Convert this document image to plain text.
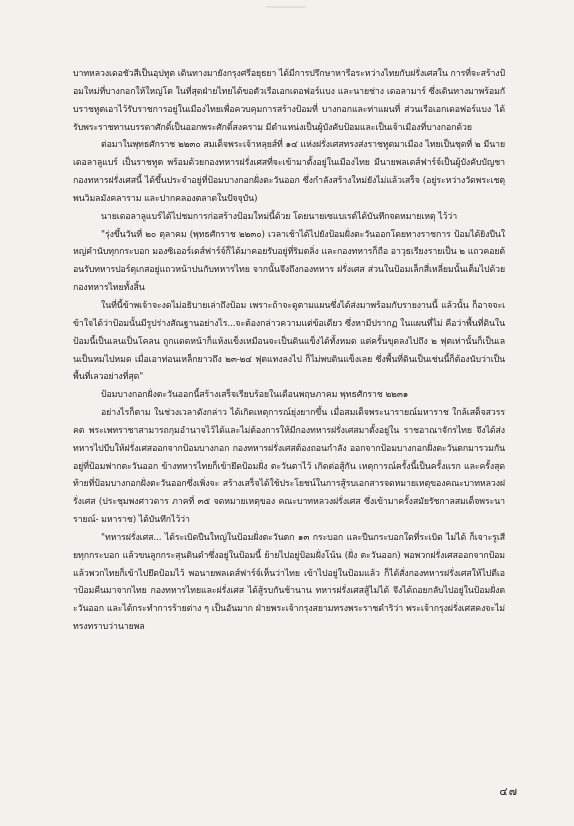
บาทหลวงเดอชัวสีเป็นอุปทูต เดินทางมายังกรุงศรีอยุธยา ได้มีการปรึกษาหารือระหว่างไทยกับฝรั่งเศสใน การที่จะสร้างป้อมใหม่ที่บางกอกให้ใหญ่โต ในที่สุดฝ่ายไทยได้ขอตัวเรือเอกเดอฟอร์แบง และนายช่าง เดอลามาร์ ซึ่งเดินทางมาพร้อมกับราชทูตเอาไว้รับราชการอยู่ในเมืองไทยเพื่อควบคุมการสร้างป้อมที่ บางกอกและท่าแผนที่ ส่วนเรือเอกเดอฟอร์แบง ได้รับพระราชทานบรรดาศักดิ์เป็นออกพระศักดิ์สงคราม มีตำแหน่งเป็นผู้บังคับป้อมและเป็นเจ้าเมืองที่บางกอกด้วย

ต่อมาในพุทธศักราช ๒๒๓๐ สมเด็จพระเจ้าหลุยส์ที่ ๑๔ แห่งฝรั่งเศสทรงส่งราชทูตมาเมือง ไทยเป็นชุดที่ ๒ มีนายเดอลาลูแบร์ เป็นราชทูต พร้อมด้วยกองทหารฝรั่งเศสที่จะเข้ามาตั้งอยู่ในเมืองไทย มีนายพลเดส์ฟาร์จ์เป็นผู้บังคับบัญชา กองทหารฝรั่งเศสนี้ ได้ขึ้นประจำอยู่ที่ป้อมบางกอกฝั่งตะวันออก ซึ่งกำลังสร้างใหม่ยังไม่แล้วเสร็จ (อยู่ระหว่างวัดพระเชตุพนวิมลมังคลาราม และปากคลองตลาดในปัจจุบัน)

นายเดอลาลูแบร์ได้ไปชมการก่อสร้างป้อมใหม่นี้ด้วย โดยนายเซแบเรต์ได้บันทึกจดหมายเหตุ ไว้ว่า

"รุ่งขึ้นวันที่ ๒๐ ตุลาคม (พุทธศักราช ๒๒๓๐) เวลาเช้าได้ไปยังป้อมฝั่งตะวันออกโดยทางราชการ ป้อมได้ยิงปืนใหญ่คำนับทุกกระบอก มองซิเออร์เดส์ฟาร์จ์ก็ได้มาคอยรับอยู่ที่ริมตลิ่ง และกองทหารก็ถือ อาวุธเรียงรายเป็น ๒ แถวคอยต้อนรับทหารปอร์ตุเกสอยู่แถวหน้าปนกับทหารไทย จากนั้นจึงถึงกองทหาร ฝรั่งเศส ส่วนในป้อมเล็กสี่เหลี่ยมนั้นเต็มไปด้วยกองทหารไทยทั้งสิ้น

ในที่นี้ข้าพเจ้าจะงดไม่อธิบายเล่าถึงป้อม เพราะถ้าจะดูตามแผนซึ่งได้ส่งมาพร้อมกับรายงานนี้ แล้วนั้น ก็อาจจะเข้าใจได้ว่าป้อมนั้นมีรูปร่างสัณฐานอย่างไร...จะต้องกล่าวความแต่ข้อเดียว ซึ่งหามีปรากฏ ในแผนที่ไม่ คือว่าพื้นที่ดินในป้อมนี้เป็นเลนเป็นโคลน ถูกแดดหน้าก็แห้งแข็งเหมือนจะเป็นดินแข็งได้ทั้งหมด แต่ครั้นขุดลงไปถึง ๒ ฟุตเท่านั้นก็เป็นเลนเป็นหมไปหมด เมื่อเอาท่อนเหล็กยาวถึง ๒๓-๒๔ ฟุตแทงลงไป ก็ไม่พบดินแข็งเลย ซึ่งพื้นที่ดินเป็นเช่นนี้ก็ต้องนับว่าเป็นพื้นที่เลวอย่างที่สุด"

ป้อมบางกอกฝั่งตะวันออกนี้สร้างเสร็จเรียบร้อยในเดือนพฤษภาคม พุทธศักราช ๒๒๓๑

อย่างไรก็ตาม ในช่วงเวลาดังกล่าว ได้เกิดเหตุการณ์ยุ่งยากขึ้น เมื่อสมเด็จพระนารายณ์มหาราช ใกล้เสด็จสวรรคต พระเพทราชาสามารถกุมอำนาจไว้ได้และไม่ต้องการให้มีกองทหารฝรั่งเศสมาตั้งอยู่ใน ราชอาณาจักรไทย จึงได้ส่งทหารไปบีบให้ฝรั่งเศสออกจากป้อมบางกอก กองทหารฝรั่งเศสต้องถอนกำลัง ออกจากป้อมบางกอกฝั่งตะวันตกมารวมกันอยู่ที่ป้อมฟากตะวันออก ข้างทหารไทยก็เข้ายึดป้อมฝั่ง ตะวันตาไว้ เกิดต่อสู้กัน เหตุการณ์ครั้งนี้เป็นครั้งแรก และครั้งสุดท้ายที่ป้อมบางกอกฝั่งตะวันออกซึ่งเพิ่งจะ สร้างเสร็จได้ใช้ประโยชน์ในการสู้รบเอกสารจดหมายเหตุของคณะบาทหลวงฝรั่งเศส (ประชุมพงศาวดาร ภาคที่ ๓๕ จดหมายเหตุของ คณะบาทหลวงฝรั่งเศส ซึ่งเข้ามาครั้งสมัยรัชกาลสมเด็จพระนารายณ์- มหาราช) ได้บันทึกไว้ว่า

"ทหารฝรั่งเศส... ได้ระเบิดปืนใหญ่ในป้อมฝั่งตะวันตก ๑๓ กระบอก และปืนกระบอกใดที่ระเบิด ไม่ได้ ก็เจาะรูเสียทุกกระบอก แล้วขนลูกกระสุนดินดำซึ่งอยู่ในป้อมนี้ ย้ายไปอยู่ป้อมฝั่งโน้น (ฝั่ง ตะวันออก) พอพวกฝรั่งเศสออกจากป้อมแล้วพวกไทยก็เข้าไปยึดป้อมไว้ พอนายพลเดส์ฟาร์จ์เห็นว่าไทย เข้าไปอยู่ในป้อมแล้ว ก็ได้สั่งกองทหารฝรั่งเศสให้ไปตีเอาป้อมคืนมาจากไทย กองทหารไทยและฝรั่งเศส ได้สู้รบกันช้านาน ทหารฝรั่งเศสสู้ไม่ได้ จึงได้ถอยกลับไปอยู่ในป้อมฝั่งตะวันออก และได้กระทำการร้ายต่าง ๆ เป็นอันมาก ฝ่ายพระเจ้ากรุงสยามทรงพระราชดำริว่า พระเจ้ากรุงฝรั่งเศสคงจะไม่ทรงทราบว่านายพล

๔๗
